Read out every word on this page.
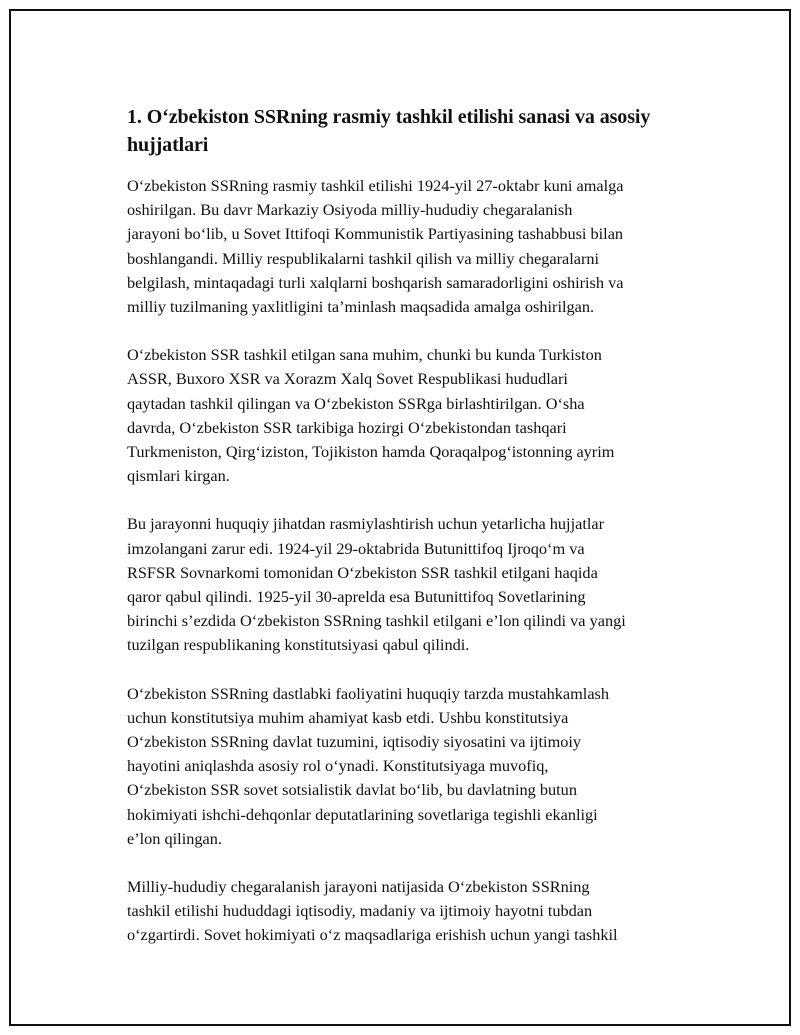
1. O‘zbekiston SSRning rasmiy tashkil etilishi sanasi va asosiy hujjatlari

O‘zbekiston SSRning rasmiy tashkil etilishi 1924-yil 27-oktabr kuni amalga
oshirilgan. Bu davr Markaziy Osiyoda milliy-hududiy chegaralanish
jarayoni bo‘lib, u Sovet Ittifoqi Kommunistik Partiyasining tashabbusi bilan
boshlangandi. Milliy respublikalarni tashkil qilish va milliy chegaralarni
belgilash, mintaqadagi turli xalqlarni boshqarish samaradorligini oshirish va
milliy tuzilmaning yaxlitligini ta’minlash maqsadida amalga oshirilgan.

O‘zbekiston SSR tashkil etilgan sana muhim, chunki bu kunda Turkiston
ASSR, Buxoro XSR va Xorazm Xalq Sovet Respublikasi hududlari
qaytadan tashkil qilingan va O‘zbekiston SSRga birlashtirilgan. O‘sha
davrda, O‘zbekiston SSR tarkibiga hozirgi O‘zbekistondan tashqari
Turkmeniston, Qirg‘iziston, Tojikiston hamda Qoraqalpog‘istonning ayrim
qismlari kirgan.

Bu jarayonni huquqiy jihatdan rasmiylashtirish uchun yetarlicha hujjatlar
imzolangani zarur edi. 1924-yil 29-oktabrida Butunittifoq Ijroqo‘m va
RSFSR Sovnarkomi tomonidan O‘zbekiston SSR tashkil etilgani haqida
qaror qabul qilindi. 1925-yil 30-aprelda esa Butunittifoq Sovetlarining
birinchi s’ezdida O‘zbekiston SSRning tashkil etilgani e’lon qilindi va yangi
tuzilgan respublikaning konstitutsiyasi qabul qilindi.

O‘zbekiston SSRning dastlabki faoliyatini huquqiy tarzda mustahkamlash
uchun konstitutsiya muhim ahamiyat kasb etdi. Ushbu konstitutsiya
O‘zbekiston SSRning davlat tuzumini, iqtisodiy siyosatini va ijtimoiy
hayotini aniqlashda asosiy rol o‘ynadi. Konstitutsiyaga muvofiq,
O‘zbekiston SSR sovet sotsialistik davlat bo‘lib, bu davlatning butun
hokimiyati ishchi-dehqonlar deputatlarining sovetlariga tegishli ekanligi
e’lon qilingan.

Milliy-hududiy chegaralanish jarayoni natijasida O‘zbekiston SSRning
tashkil etilishi hududdagi iqtisodiy, madaniy va ijtimoiy hayotni tubdan
o‘zgartirdi. Sovet hokimiyati o‘z maqsadlariga erishish uchun yangi tashkil
